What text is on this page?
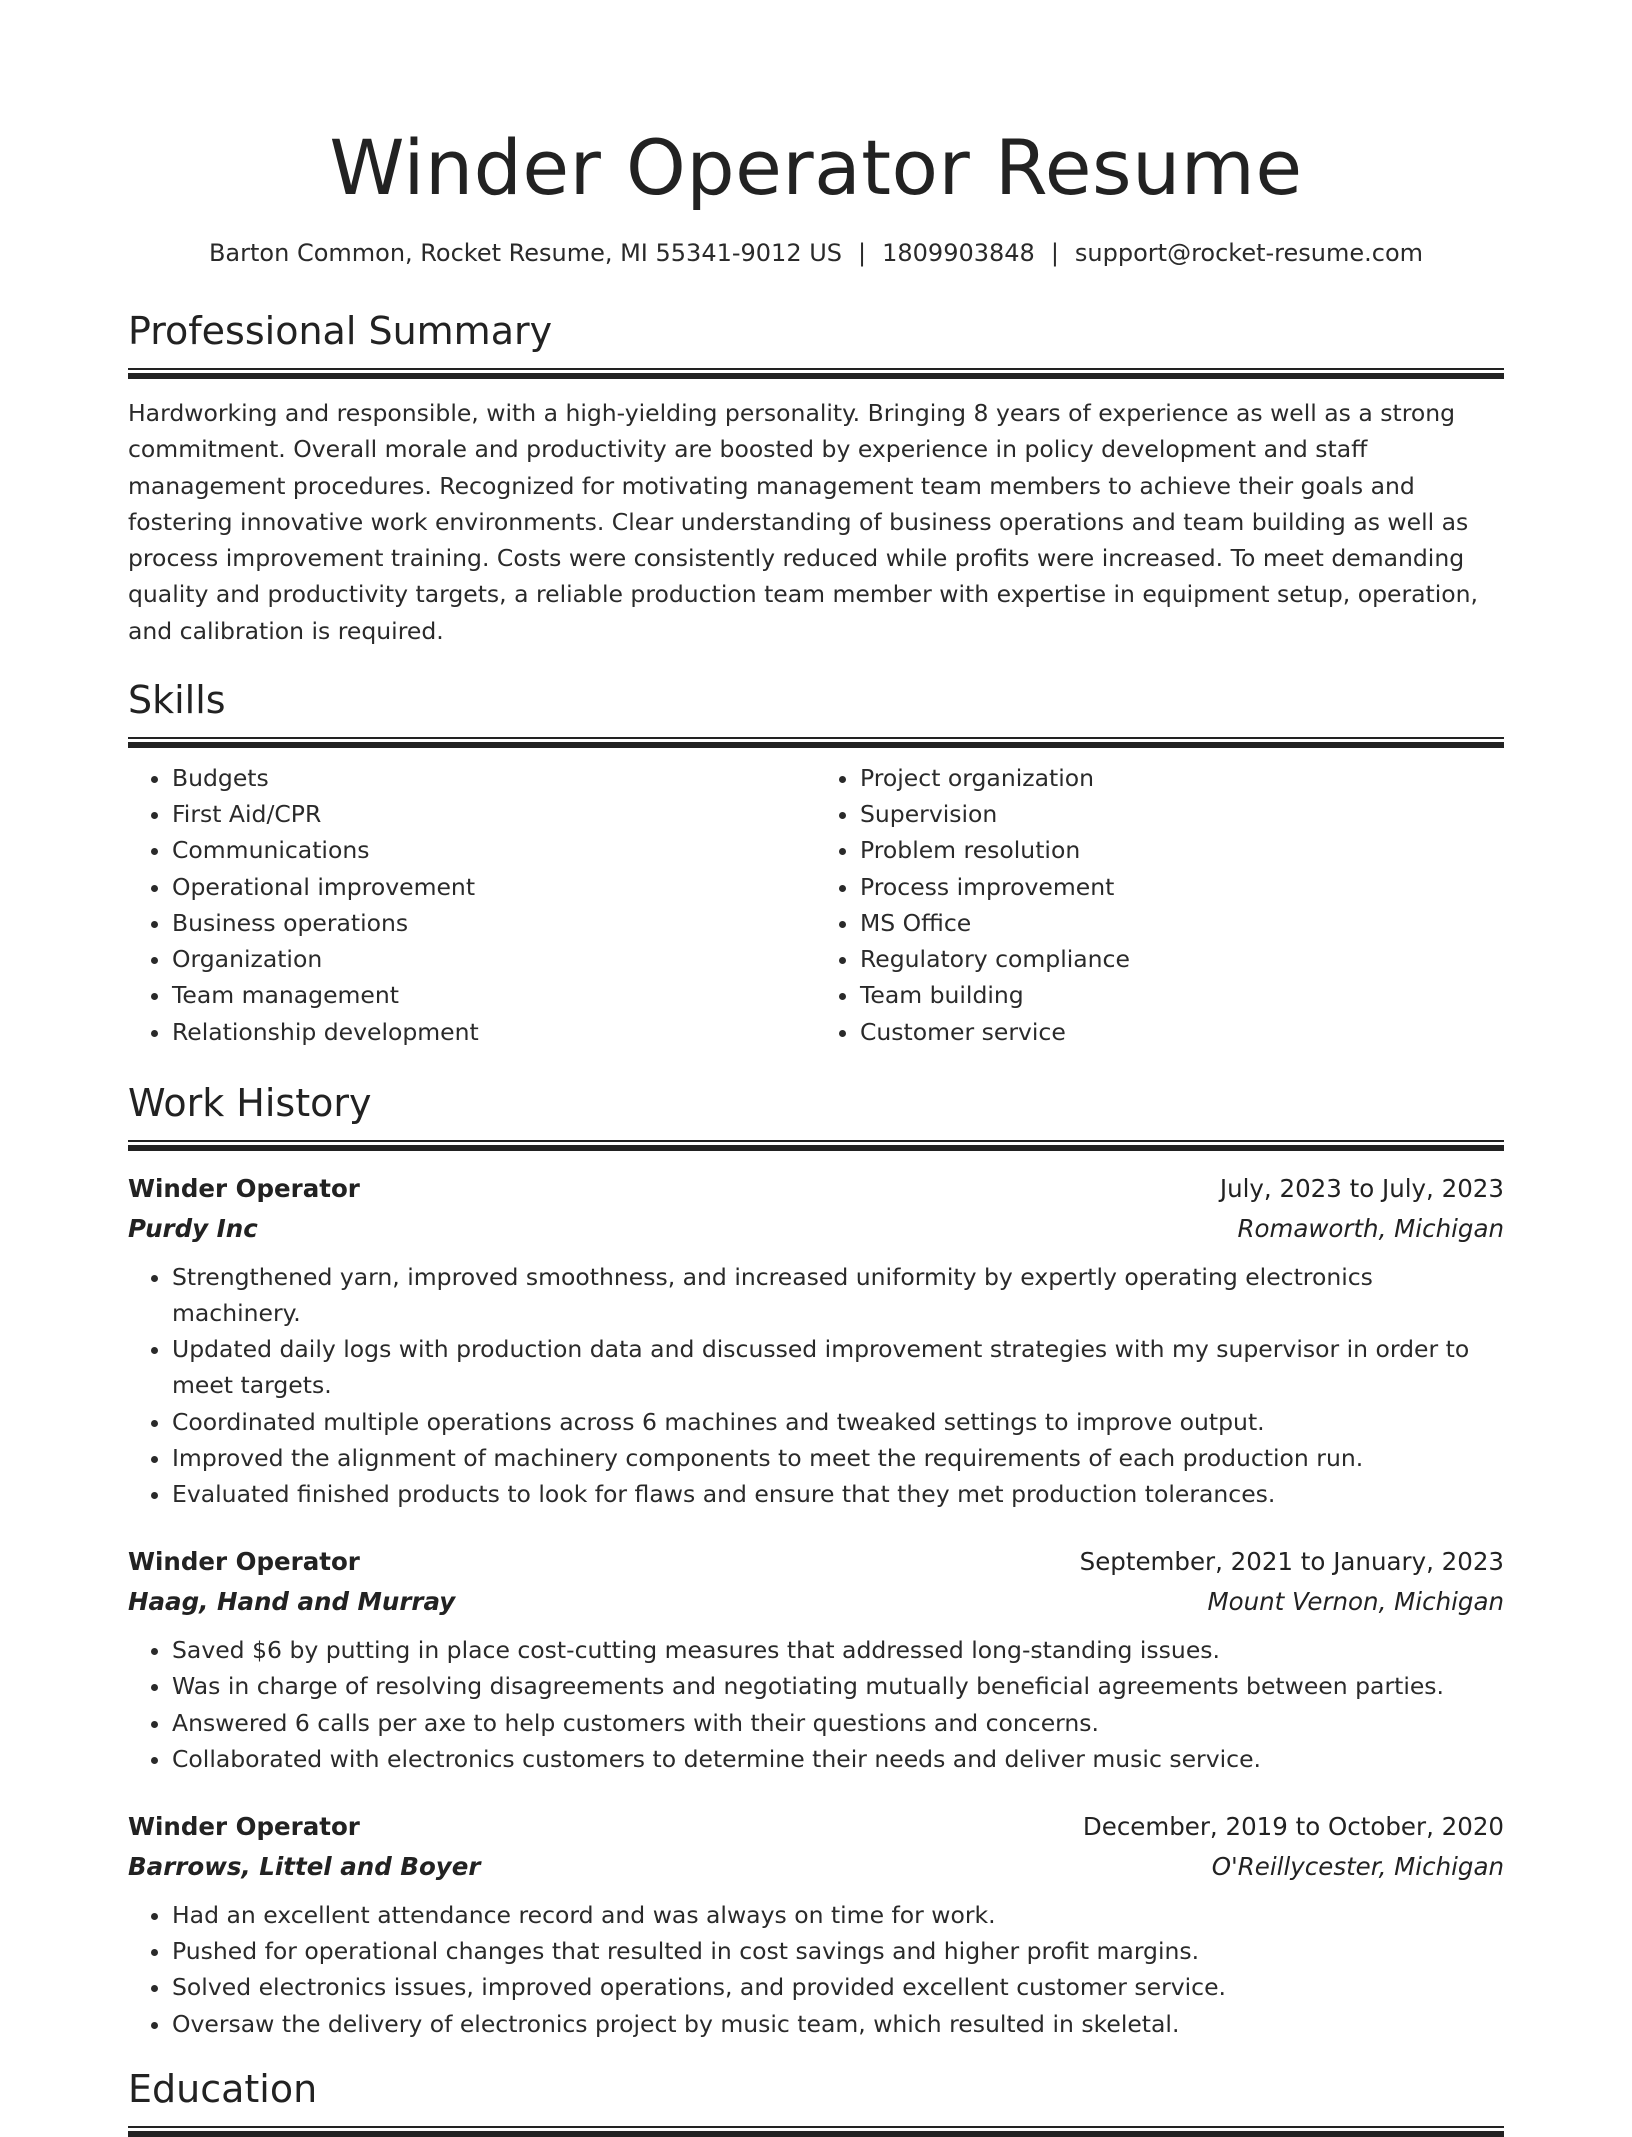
Winder Operator Resume
Barton Common, Rocket Resume, MI 55341-9012 US | 1809903848 | support@rocket-resume.com
Professional Summary

Hardworking and responsible, with a high-yielding personality. Bringing 8 years of experience as well as a strong commitment. Overall morale and productivity are boosted by experience in policy development and staff management procedures. Recognized for motivating management team members to achieve their goals and fostering innovative work environments. Clear understanding of business operations and team building as well as process improvement training. Costs were consistently reduced while profits were increased. To meet demanding quality and productivity targets, a reliable production team member with expertise in equipment setup, operation, and calibration is required.

Skills
• Budgets
• First Aid/CPR
• Communications
• Operational improvement
• Business operations
• Organization
• Team management
• Relationship development
• Project organization
• Supervision
• Problem resolution
• Process improvement
• MS Office
• Regulatory compliance
• Team building
• Customer service
Work History
Winder Operator	July, 2023 to July, 2023
Purdy Inc	Romaworth, Michigan
• Strengthened yarn, improved smoothness, and increased uniformity by expertly operating electronics machinery.
• Updated daily logs with production data and discussed improvement strategies with my supervisor in order to meet targets.
• Coordinated multiple operations across 6 machines and tweaked settings to improve output.
• Improved the alignment of machinery components to meet the requirements of each production run.
• Evaluated finished products to look for flaws and ensure that they met production tolerances.
Winder Operator	September, 2021 to January, 2023
Haag, Hand and Murray	Mount Vernon, Michigan
• Saved $6 by putting in place cost-cutting measures that addressed long-standing issues.
• Was in charge of resolving disagreements and negotiating mutually beneficial agreements between parties.
• Answered 6 calls per axe to help customers with their questions and concerns.
• Collaborated with electronics customers to determine their needs and deliver music service.
Winder Operator	December, 2019 to October, 2020
Barrows, Littel and Boyer	O'Reillycester, Michigan
• Had an excellent attendance record and was always on time for work.
• Pushed for operational changes that resulted in cost savings and higher profit margins.
• Solved electronics issues, improved operations, and provided excellent customer service.
• Oversaw the delivery of electronics project by music team, which resulted in skeletal.
Education
